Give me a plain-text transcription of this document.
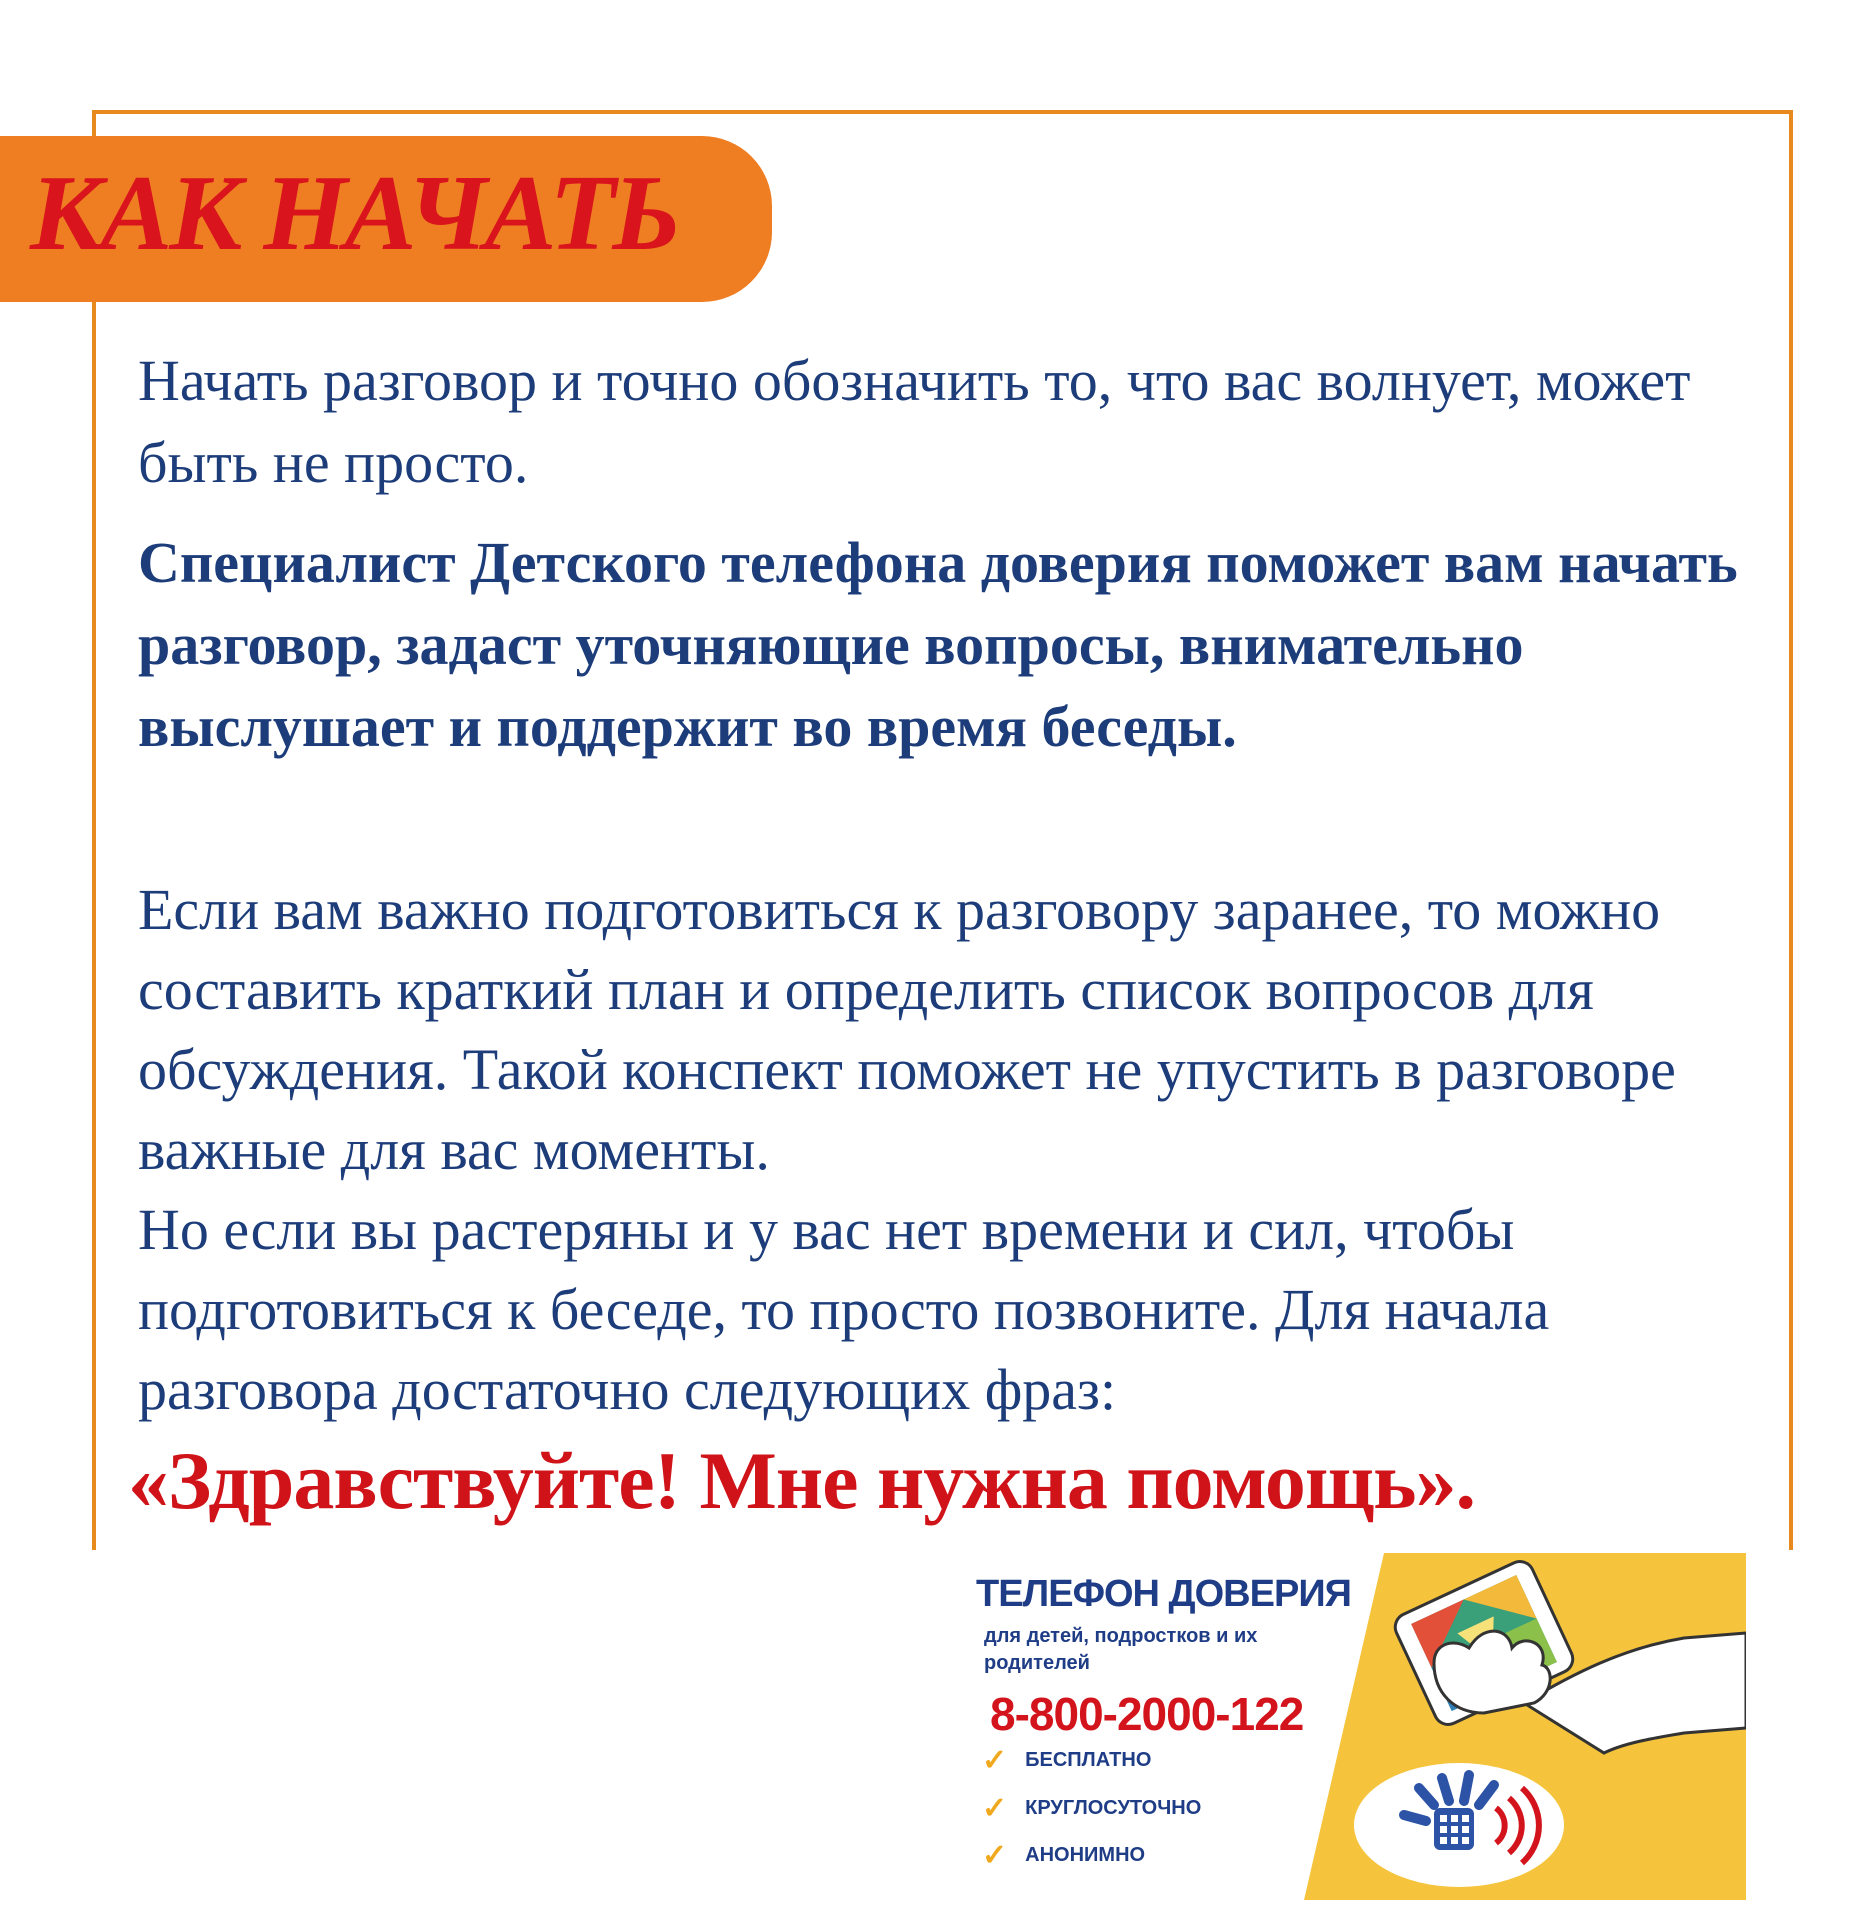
КАК НАЧАТЬ
Начать разговор и точно обозначить то, что вас волнует, может быть не просто.
Специалист Детского телефона доверия поможет вам начать разговор, задаст уточняющие вопросы, внимательно выслушает и поддержит во время беседы.
Если вам важно подготовиться к разговору заранее, то можно составить краткий план и определить список вопросов для обсуждения. Такой конспект поможет не упустить в разговоре важные для вас моменты.
Но если вы растеряны и у вас нет времени и сил, чтобы подготовиться к беседе, то просто позвоните. Для начала разговора достаточно следующих фраз:
«Здравствуйте! Мне нужна помощь».
ТЕЛЕФОН ДОВЕРИЯ
для детей, подростков и их родителей
8-800-2000-122
✓ БЕСПЛАТНО
✓ КРУГЛОСУТОЧНО
✓ АНОНИМНО
